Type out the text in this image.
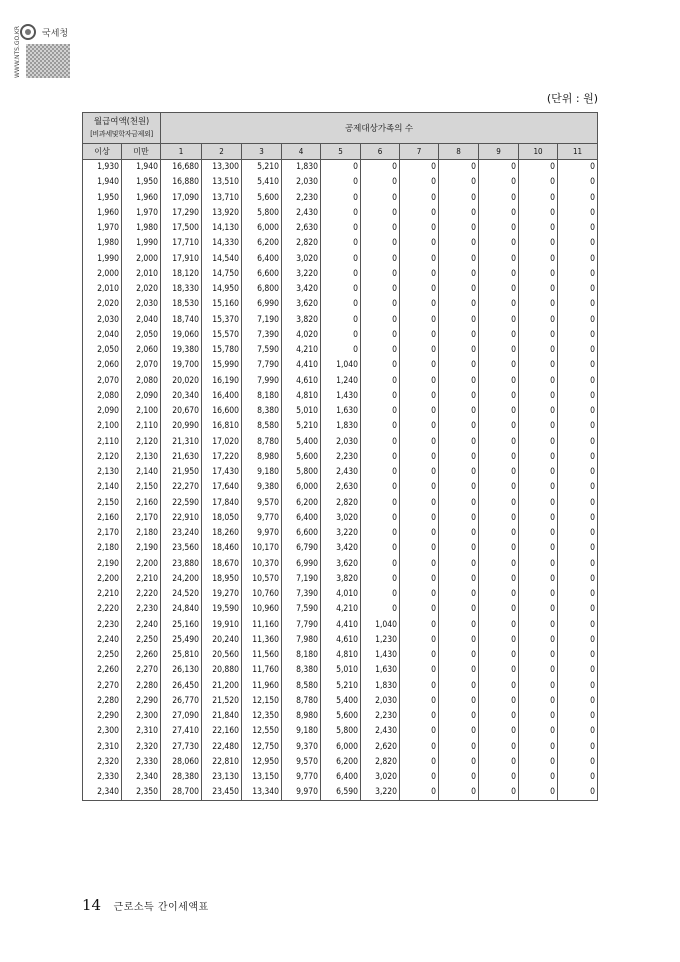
국세청
WWW.NTS.GO.KR
(단위 : 원)
월급여액(천원)
[비과세및학자금제외]		공제대상가족의 수										
이상	미만	1	2	3	4	5	6	7	8	9	10	11
1,930	1,940	16,680	13,300	5,210	1,830	0	0	0	0	0	0	0
1,940	1,950	16,880	13,510	5,410	2,030	0	0	0	0	0	0	0
1,950	1,960	17,090	13,710	5,600	2,230	0	0	0	0	0	0	0
1,960	1,970	17,290	13,920	5,800	2,430	0	0	0	0	0	0	0
1,970	1,980	17,500	14,130	6,000	2,630	0	0	0	0	0	0	0
1,980	1,990	17,710	14,330	6,200	2,820	0	0	0	0	0	0	0
1,990	2,000	17,910	14,540	6,400	3,020	0	0	0	0	0	0	0
2,000	2,010	18,120	14,750	6,600	3,220	0	0	0	0	0	0	0
2,010	2,020	18,330	14,950	6,800	3,420	0	0	0	0	0	0	0
2,020	2,030	18,530	15,160	6,990	3,620	0	0	0	0	0	0	0
2,030	2,040	18,740	15,370	7,190	3,820	0	0	0	0	0	0	0
2,040	2,050	19,060	15,570	7,390	4,020	0	0	0	0	0	0	0
2,050	2,060	19,380	15,780	7,590	4,210	0	0	0	0	0	0	0
2,060	2,070	19,700	15,990	7,790	4,410	1,040	0	0	0	0	0	0
2,070	2,080	20,020	16,190	7,990	4,610	1,240	0	0	0	0	0	0
2,080	2,090	20,340	16,400	8,180	4,810	1,430	0	0	0	0	0	0
2,090	2,100	20,670	16,600	8,380	5,010	1,630	0	0	0	0	0	0
2,100	2,110	20,990	16,810	8,580	5,210	1,830	0	0	0	0	0	0
2,110	2,120	21,310	17,020	8,780	5,400	2,030	0	0	0	0	0	0
2,120	2,130	21,630	17,220	8,980	5,600	2,230	0	0	0	0	0	0
2,130	2,140	21,950	17,430	9,180	5,800	2,430	0	0	0	0	0	0
2,140	2,150	22,270	17,640	9,380	6,000	2,630	0	0	0	0	0	0
2,150	2,160	22,590	17,840	9,570	6,200	2,820	0	0	0	0	0	0
2,160	2,170	22,910	18,050	9,770	6,400	3,020	0	0	0	0	0	0
2,170	2,180	23,240	18,260	9,970	6,600	3,220	0	0	0	0	0	0
2,180	2,190	23,560	18,460	10,170	6,790	3,420	0	0	0	0	0	0
2,190	2,200	23,880	18,670	10,370	6,990	3,620	0	0	0	0	0	0
2,200	2,210	24,200	18,950	10,570	7,190	3,820	0	0	0	0	0	0
2,210	2,220	24,520	19,270	10,760	7,390	4,010	0	0	0	0	0	0
2,220	2,230	24,840	19,590	10,960	7,590	4,210	0	0	0	0	0	0
2,230	2,240	25,160	19,910	11,160	7,790	4,410	1,040	0	0	0	0	0
2,240	2,250	25,490	20,240	11,360	7,980	4,610	1,230	0	0	0	0	0
2,250	2,260	25,810	20,560	11,560	8,180	4,810	1,430	0	0	0	0	0
2,260	2,270	26,130	20,880	11,760	8,380	5,010	1,630	0	0	0	0	0
2,270	2,280	26,450	21,200	11,960	8,580	5,210	1,830	0	0	0	0	0
2,280	2,290	26,770	21,520	12,150	8,780	5,400	2,030	0	0	0	0	0
2,290	2,300	27,090	21,840	12,350	8,980	5,600	2,230	0	0	0	0	0
2,300	2,310	27,410	22,160	12,550	9,180	5,800	2,430	0	0	0	0	0
2,310	2,320	27,730	22,480	12,750	9,370	6,000	2,620	0	0	0	0	0
2,320	2,330	28,060	22,810	12,950	9,570	6,200	2,820	0	0	0	0	0
2,330	2,340	28,380	23,130	13,150	9,770	6,400	3,020	0	0	0	0	0
2,340	2,350	28,700	23,450	13,340	9,970	6,590	3,220	0	0	0	0	0
14 근로소득 간이세액표
